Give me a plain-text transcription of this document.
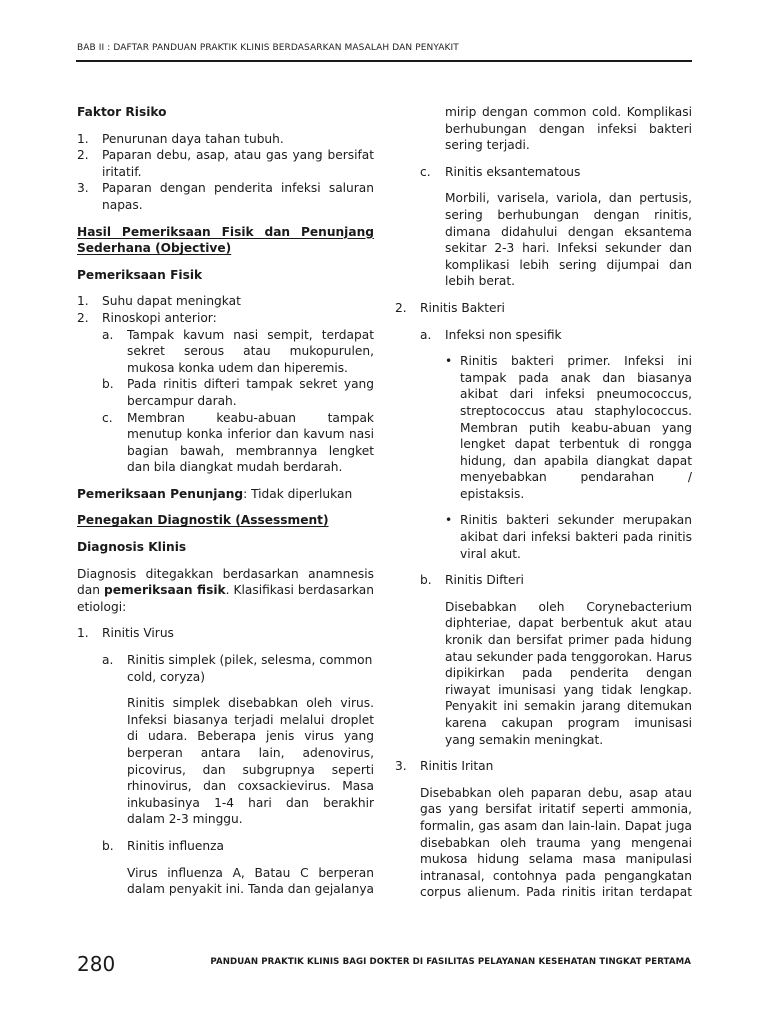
BAB II : DAFTAR PANDUAN PRAKTIK KLINIS BERDASARKAN MASALAH DAN PENYAKIT
Faktor Risiko
1.	Penurunan daya tahan tubuh.
2.	Paparan debu, asap, atau gas yang bersifat iritatif.
3.	Paparan dengan penderita infeksi saluran napas.
Hasil Pemeriksaan Fisik dan Penunjang
Sederhana (Objective)
Pemeriksaan Fisik
1.	Suhu dapat meningkat
2.	Rinoskopi anterior:
a.	Tampak kavum nasi sempit, terdapat sekret serous atau mukopurulen, mukosa konka udem dan hiperemis.
b.	Pada rinitis difteri tampak sekret yang bercampur darah.
c.	Membran keabu-abuan tampak menutup konka inferior dan kavum nasi bagian bawah, membrannya lengket dan bila diangkat mudah berdarah.
Pemeriksaan Penunjang: Tidak diperlukan
Penegakan Diagnostik (Assessment)
Diagnosis Klinis
Diagnosis ditegakkan berdasarkan anamnesis dan pemeriksaan fisik. Klasifikasi berdasarkan etiologi:
1.	Rinitis Virus
a.	Rinitis simplek (pilek, selesma, common cold, coryza)
Rinitis simplek disebabkan oleh virus. Infeksi biasanya terjadi melalui droplet di udara. Beberapa jenis virus yang berperan antara lain, adenovirus, picovirus, dan subgrupnya seperti rhinovirus, dan coxsackievirus. Masa inkubasinya 1-4 hari dan berakhir dalam 2-3 minggu.
b.	Rinitis influenza
Virus influenza A, Batau C berperan dalam penyakit ini. Tanda dan gejalanya
mirip dengan common cold. Komplikasi berhubungan dengan infeksi bakteri sering terjadi.
c.	Rinitis eksantematous
Morbili, varisela, variola, dan pertusis, sering berhubungan dengan rinitis, dimana didahului dengan eksantema sekitar 2-3 hari. Infeksi sekunder dan komplikasi lebih sering dijumpai dan lebih berat.
2.	Rinitis Bakteri
a.	Infeksi non spesifik
• Rinitis bakteri primer. Infeksi ini tampak pada anak dan biasanya akibat dari infeksi pneumococcus, streptococcus atau staphylococcus. Membran putih keabu-abuan yang lengket dapat terbentuk di rongga hidung, dan apabila diangkat dapat menyebabkan pendarahan / epistaksis.
• Rinitis bakteri sekunder merupakan akibat dari infeksi bakteri pada rinitis viral akut.
b.	Rinitis Difteri
Disebabkan oleh Corynebacterium diphteriae, dapat berbentuk akut atau kronik dan bersifat primer pada hidung atau sekunder pada tenggorokan. Harus dipikirkan pada penderita dengan riwayat imunisasi yang tidak lengkap. Penyakit ini semakin jarang ditemukan karena cakupan program imunisasi yang semakin meningkat.
3.	Rinitis Iritan
Disebabkan oleh paparan debu, asap atau gas yang bersifat iritatif seperti ammonia, formalin, gas asam dan lain-lain. Dapat juga disebabkan oleh trauma yang mengenai mukosa hidung selama masa manipulasi intranasal, contohnya pada pengangkatan corpus alienum. Pada rinitis iritan terdapat
280	PANDUAN PRAKTIK KLINIS BAGI DOKTER DI FASILITAS PELAYANAN KESEHATAN TINGKAT PERTAMA
